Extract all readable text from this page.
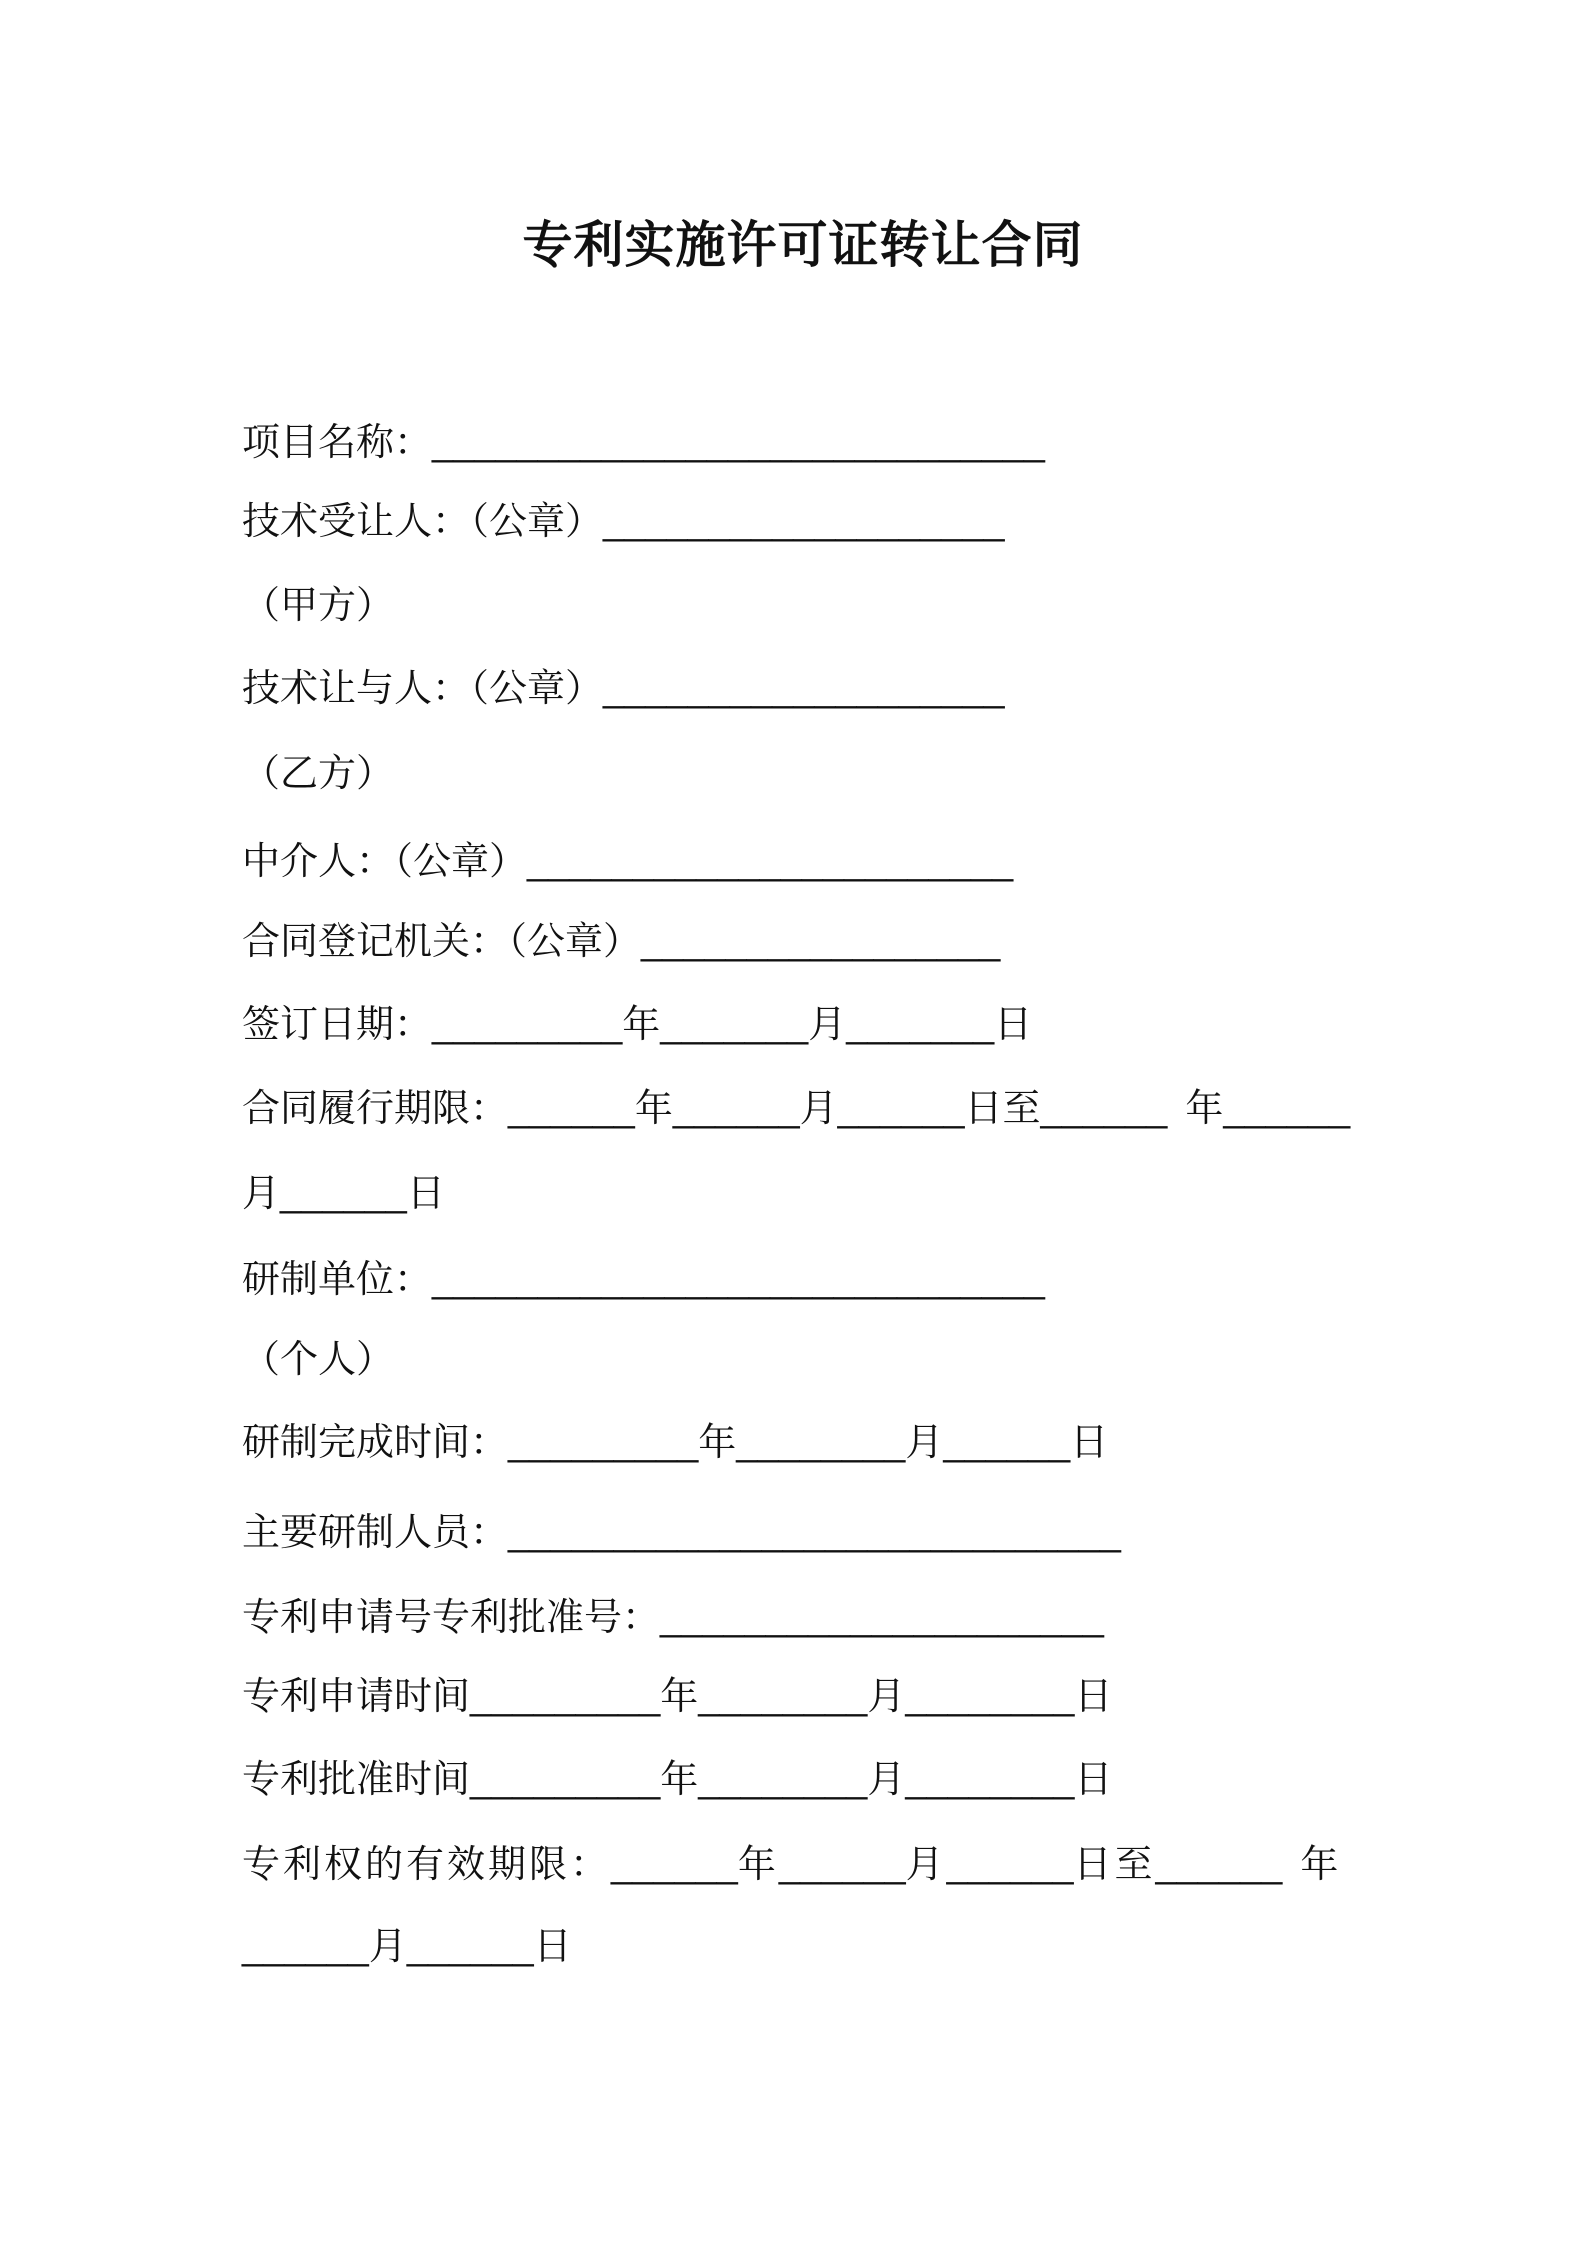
专利实施许可证转让合同
项目名称：_____________________________
技术受让人：（公章）___________________
（甲方）
技术让与人：（公章）___________________
（乙方）
中介人：（公章）_______________________
合同登记机关：（公章）_________________
签订日期：_________年_______月_______日
合同履行期限：______年______月______日至______ 年______
月______日
研制单位：_____________________________
（个人）
研制完成时间：_________年________月______日
主要研制人员：_____________________________
专利申请号专利批准号：_____________________
专利申请时间_________年________月________日
专利批准时间_________年________月________日
专利权的有效期限：______年______月______日至______ 年
______月______日
